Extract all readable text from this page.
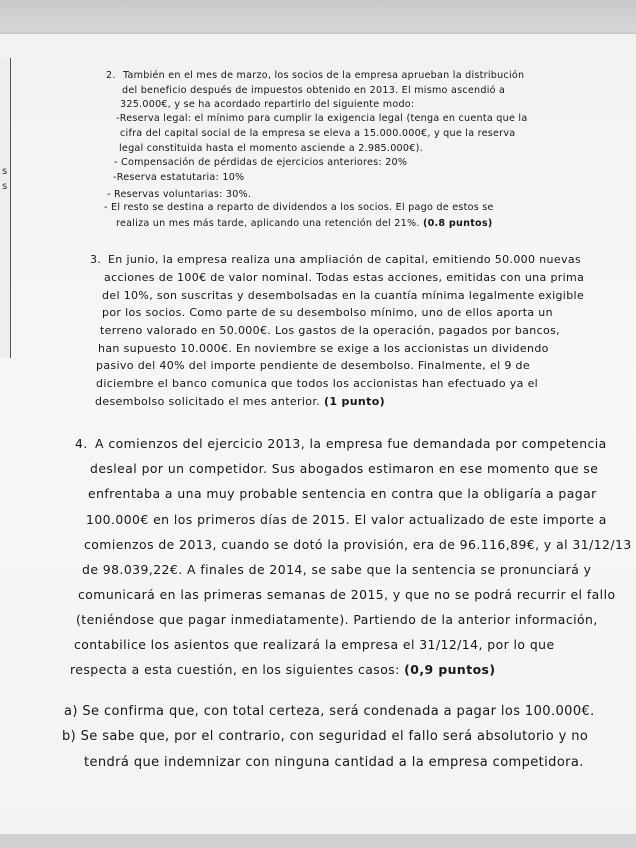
s
s
2. También en el mes de marzo, los socios de la empresa aprueban la distribución
del beneficio después de impuestos obtenido en 2013. El mismo ascendió a
325.000€, y se ha acordado repartirlo del siguiente modo:
-Reserva legal: el mínimo para cumplir la exigencia legal (tenga en cuenta que la
cifra del capital social de la empresa se eleva a 15.000.000€, y que la reserva
legal constituida hasta el momento asciende a 2.985.000€).
- Compensación de pérdidas de ejercicios anteriores: 20%
-Reserva estatutaria: 10%
- Reservas voluntarias: 30%.
- El resto se destina a reparto de dividendos a los socios. El pago de estos se
realiza un mes más tarde, aplicando una retención del 21%. (0.8 puntos)
3. En junio, la empresa realiza una ampliación de capital, emitiendo 50.000 nuevas
acciones de 100€ de valor nominal. Todas estas acciones, emitidas con una prima
del 10%, son suscritas y desembolsadas en la cuantía mínima legalmente exigible
por los socios. Como parte de su desembolso mínimo, uno de ellos aporta un
terreno valorado en 50.000€. Los gastos de la operación, pagados por bancos,
han supuesto 10.000€. En noviembre se exige a los accionistas un dividendo
pasivo del 40% del importe pendiente de desembolso. Finalmente, el 9 de
diciembre el banco comunica que todos los accionistas han efectuado ya el
desembolso solicitado el mes anterior. (1 punto)
4. A comienzos del ejercicio 2013, la empresa fue demandada por competencia
desleal por un competidor. Sus abogados estimaron en ese momento que se
enfrentaba a una muy probable sentencia en contra que la obligaría a pagar
100.000€ en los primeros días de 2015. El valor actualizado de este importe a
comienzos de 2013, cuando se dotó la provisión, era de 96.116,89€, y al 31/12/13
de 98.039,22€. A finales de 2014, se sabe que la sentencia se pronunciará y
comunicará en las primeras semanas de 2015, y que no se podrá recurrir el fallo
(teniéndose que pagar inmediatamente). Partiendo de la anterior información,
contabilice los asientos que realizará la empresa el 31/12/14, por lo que
respecta a esta cuestión, en los siguientes casos: (0,9 puntos)
a) Se confirma que, con total certeza, será condenada a pagar los 100.000€.
b) Se sabe que, por el contrario, con seguridad el fallo será absolutorio y no
tendrá que indemnizar con ninguna cantidad a la empresa competidora.
